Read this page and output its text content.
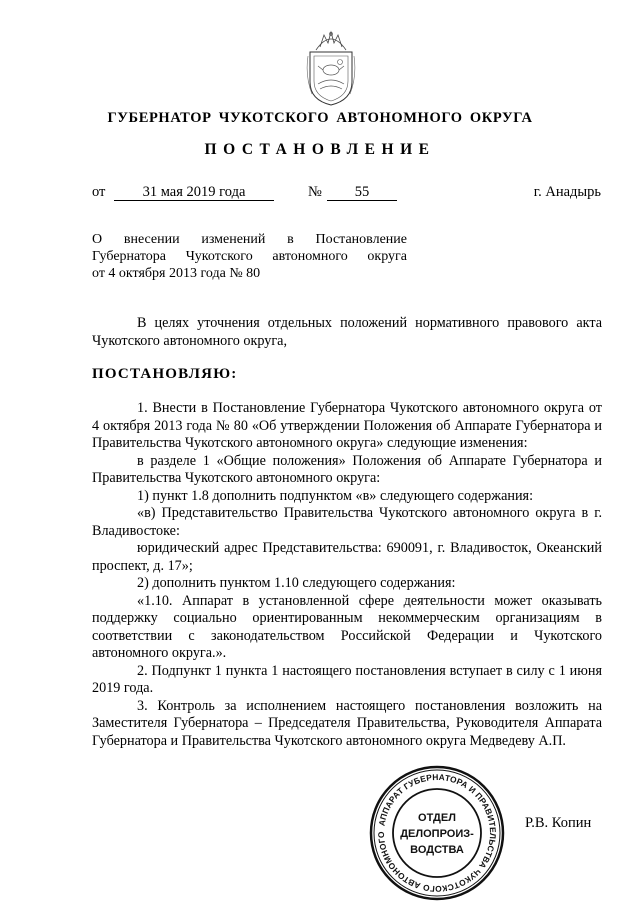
ГУБЕРНАТОР ЧУКОТСКОГО АВТОНОМНОГО ОКРУГА
ПОСТАНОВЛЕНИЕ
от	31 мая 2019 года	№	55	г. Анадырь
О внесении изменений в Постановление
Губернатора Чукотского автономного округа
от 4 октября 2013 года № 80

В целях уточнения отдельных положений нормативного правового акта Чукотского автономного округа,

ПОСТАНОВЛЯЮ:

1. Внести в Постановление Губернатора Чукотского автономного округа от 4 октября 2013 года № 80 «Об утверждении Положения об Аппарате Губернатора и Правительства Чукотского автономного округа» следующие изменения:

в разделе 1 «Общие положения» Положения об Аппарате Губернатора и Правительства Чукотского автономного округа:

1) пункт 1.8 дополнить подпунктом «в» следующего содержания:

«в) Представительство Правительства Чукотского автономного округа в г. Владивостоке:

юридический адрес Представительства: 690091, г. Владивосток, Океанский проспект, д. 17»;

2) дополнить пунктом 1.10 следующего содержания:

«1.10. Аппарат в установленной сфере деятельности может оказывать поддержку социально ориентированным некоммерческим организациям в соответствии с законодательством Российской Федерации и Чукотского автономного округа.».

2. Подпункт 1 пункта 1 настоящего постановления вступает в силу с 1 июня 2019 года.

3. Контроль за исполнением настоящего постановления возложить на Заместителя Губернатора – Председателя Правительства, Руководителя Аппарата Губернатора и Правительства Чукотского автономного округа Медведеву А.П.

АППАРАТ ГУБЕРНАТОРА И ПРАВИТЕЛЬСТВА ЧУКОТСКОГО АВТОНОМНОГО
ОТДЕЛ
ДЕЛОПРОИЗ-
ВОДСТВА
Р.В. Копин
